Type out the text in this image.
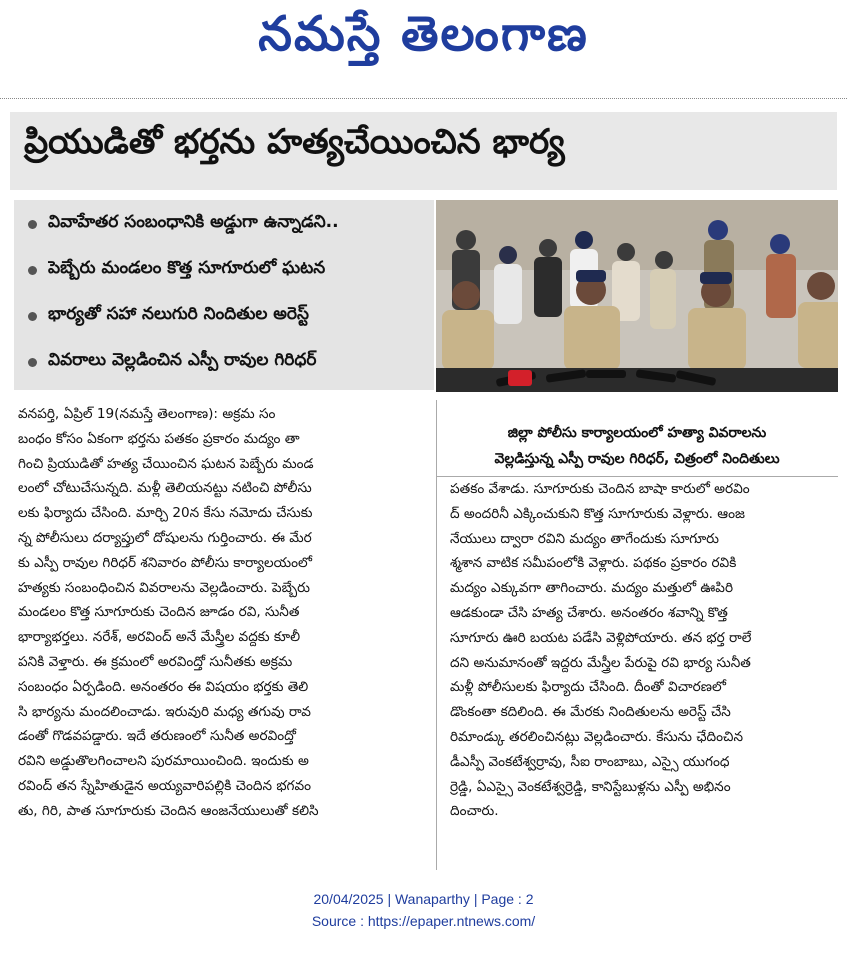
నమస్తే తెలంగాణ
ప్రియుడితో భర్తను హత్యచేయించిన భార్య
వివాహేతర సంబంధానికి అడ్డుగా ఉన్నాడని..
పెబ్బేరు మండలం కొత్త సూగూరులో ఘటన
భార్యతో సహా నలుగురి నిందితుల అరెస్ట్
వివరాలు వెల్లడించిన ఎస్పీ రావుల గిరిధర్
జిల్లా పోలీసు కార్యాలయంలో హత్యా వివరాలను
వెల్లడిస్తున్న ఎస్పీ రావుల గిరిధర్, చిత్రంలో నిందితులు
వనపర్తి, ఏప్రిల్ 19(నమస్తే తెలంగాణ): అక్రమ సం
బంధం కోసం ఏకంగా భర్తను పతకం ప్రకారం మద్యం తా
గించి ప్రియుడితో హత్య చేయించిన ఘటన పెబ్బేరు మండ
లంలో చోటుచేసున్నది. మళ్లీ తెలియనట్టు నటించి పోలీసు
లకు ఫిర్యాదు చేసింది. మార్చి 20న కేసు నమోదు చేసుకు
న్న పోలీసులు దర్యాప్తులో దోషులను గుర్తించారు. ఈ మేర
కు ఎస్పీ రావుల గిరిధర్ శనివారం పోలీసు కార్యాలయంలో
హత్యకు సంబంధించిన వివరాలను వెల్లడించారు. పెబ్బేరు
మండలం కొత్త సూగూరుకు చెందిన జూడం రవి, సునీత
భార్యాభర్తలు. నరేశ్, అరవింద్ అనే మేస్త్రీల వద్దకు కూలీ
పనికి వెళ్తారు. ఈ క్రమంలో అరవింద్తో సునీతకు అక్రమ
సంబంధం ఏర్పడింది. అనంతరం ఈ విషయం భర్తకు తెలి
సి భార్యను మందలించాడు. ఇరువురి మధ్య తగువు రావ
డంతో గొడవపడ్డారు. ఇదే తరుణంలో సునీత అరవింద్తో
రవిని అడ్డుతొలగించాలని పురమాయించింది. ఇందుకు అ
రవింద్ తన స్నేహితుడైన అయ్యవారిపల్లికి చెందిన భగవం
తు, గిరి, పాత సూగూరుకు చెందిన ఆంజనేయులుతో కలిసి
పతకం వేశాడు. సూగూరుకు చెందిన బాషా కారులో అరవిం
ద్ అందరినీ ఎక్కించుకుని కొత్త సూగూరుకు వెళ్లారు. ఆంజ
నేయులు ద్వారా రవిని మద్యం తాగేందుకు సూగూరు
శ్మశాన వాటిక సమీపంలోకి వెళ్లారు. పథకం ప్రకారం రవికి
మద్యం ఎక్కువగా తాగించారు. మద్యం మత్తులో ఊపిరి
ఆడకుండా చేసి హత్య చేశారు. అనంతరం శవాన్ని కొత్త
సూగూరు ఊరి బయట పడేసి వెళ్లిపోయారు. తన భర్త రాలే
దని అనుమానంతో ఇద్దరు మేస్త్రీల పేరుపై రవి భార్య సునీత
మళ్లీ పోలీసులకు ఫిర్యాదు చేసింది. దీంతో విచారణలో
డొంకంతా కదిలింది. ఈ మేరకు నిందితులను అరెస్ట్ చేసి
రిమాండ్కు తరలించినట్లు వెల్లడించారు. కేసును ఛేదించిన
డీఎస్పీ వెంకటేశ్వర్రావు, సీఐ రాంబాబు, ఎస్సై యుగంధ
ర్రెడ్డి, ఏఎస్సై వెంకటేశ్వర్రెడ్డి, కానిస్టేబుళ్లను ఎస్పీ అభినం
దించారు.
20/04/2025 | Wanaparthy | Page : 2
Source : https://epaper.ntnews.com/
